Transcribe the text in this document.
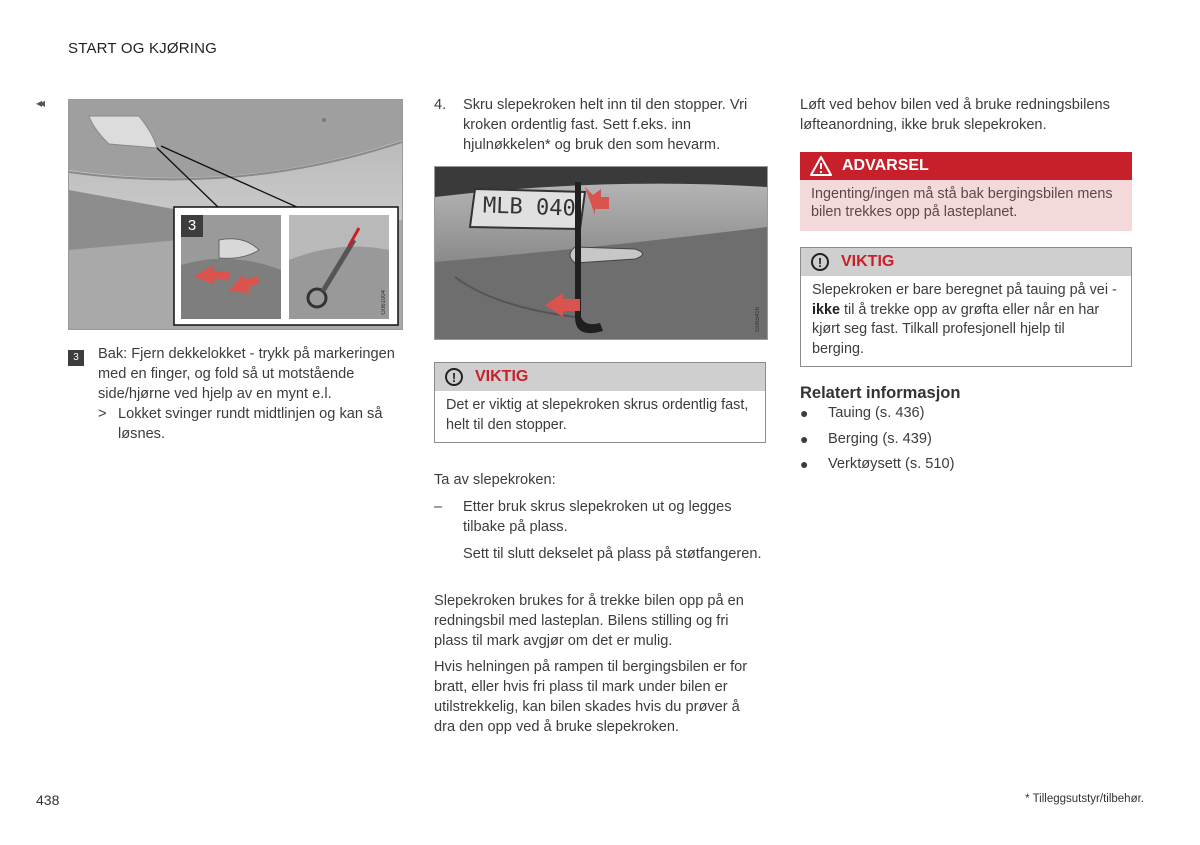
START OG KJØRING
◂◂
3
G061004
3	Bak: Fjern dekkelokket - trykk på markeringen med en finger, og fold så ut motstående side/hjørne ved hjelp av en mynt e.l.
> Lokket svinger rundt midtlinjen og kan så løsnes.
4.	Skru slepekroken helt inn til den stopper. Vri kroken ordentlig fast. Sett f.eks. inn hjulnøkkelen* og bruk den som hevarm.
MLB 040
G065416
!	VIKTIG
Det er viktig at slepekroken skrus ordentlig fast, helt til den stopper.
Ta av slepekroken:
–	Etter bruk skrus slepekroken ut og legges tilbake på plass.
Sett til slutt dekselet på plass på støtfangeren.
Slepekroken brukes for å trekke bilen opp på en redningsbil med lasteplan. Bilens stilling og fri plass til mark avgjør om det er mulig.
Hvis helningen på rampen til bergingsbilen er for bratt, eller hvis fri plass til mark under bilen er utilstrekkelig, kan bilen skades hvis du prøver å dra den opp ved å bruke slepekroken.
Løft ved behov bilen ved å bruke redningsbilens løfteanordning, ikke bruk slepekroken.
ADVARSEL
Ingenting/ingen må stå bak bergingsbilen mens bilen trekkes opp på lasteplanet.
!	VIKTIG
Slepekroken er bare beregnet på tauing på vei - ikke til å trekke opp av grøfta eller når en har kjørt seg fast. Tilkall profesjonell hjelp til berging.
Relatert informasjon
● Tauing (s. 436)
● Berging (s. 439)
● Verktøysett (s. 510)
438	* Tilleggsutstyr/tilbehør.
